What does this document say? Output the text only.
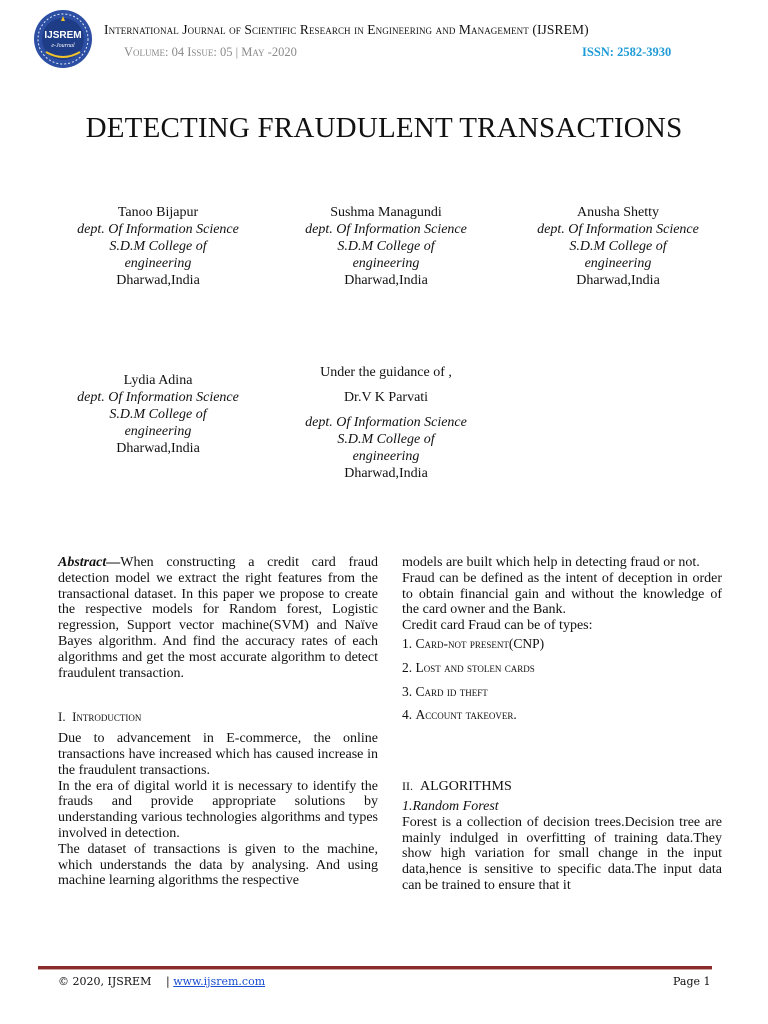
IJSREM
e-Journal
International Journal of Scientific Research in Engineering and Management (IJSREM)
Volume: 04 Issue: 05 | May -2020	ISSN: 2582-3930
DETECTING FRAUDULENT TRANSACTIONS
Tanoo Bijapur
dept. Of Information Science
S.D.M College of
engineering
Dharwad,India
Sushma Managundi
dept. Of Information Science
S.D.M College of
engineering
Dharwad,India
Anusha Shetty
dept. Of Information Science
S.D.M College of
engineering
Dharwad,India
Lydia Adina
dept. Of Information Science
S.D.M College of
engineering
Dharwad,India
Under the guidance of ,
Dr.V K Parvati
dept. Of Information Science
S.D.M College of
engineering
Dharwad,India

Abstract—When constructing a credit card fraud detection model we extract the right features from the transactional dataset. In this paper we propose to create the respective models for Random forest, Logistic regression, Support vector machine(SVM) and Naïve Bayes algorithm. And find the accuracy rates of each algorithms and get the most accurate algorithm to detect fraudulent transaction.

I. Introduction

Due to advancement in E-commerce, the online transactions have increased which has caused increase in the fraudulent transactions.

In the era of digital world it is necessary to identify the frauds and provide appropriate solutions by understanding various technologies algorithms and types involved in detection.

The dataset of transactions is given to the machine, which understands the data by analysing. And using machine learning algorithms the respective

models are built which help in detecting fraud or not.

Fraud can be defined as the intent of deception in order to obtain financial gain and without the knowledge of the card owner and the Bank.

Credit card Fraud can be of types:

1. Card-not present(CNP)

2. Lost and stolen cards

3. Card id theft

4. Account takeover.

II. ALGORITHMS

1.Random Forest

Forest is a collection of decision trees.Decision tree are mainly indulged in overfitting of training data.They show high variation for small change in the input data,hence is sensitive to specific data.The input data can be trained to ensure that it

© 2020, IJSREM | www.ijsrem.com	Page 1
